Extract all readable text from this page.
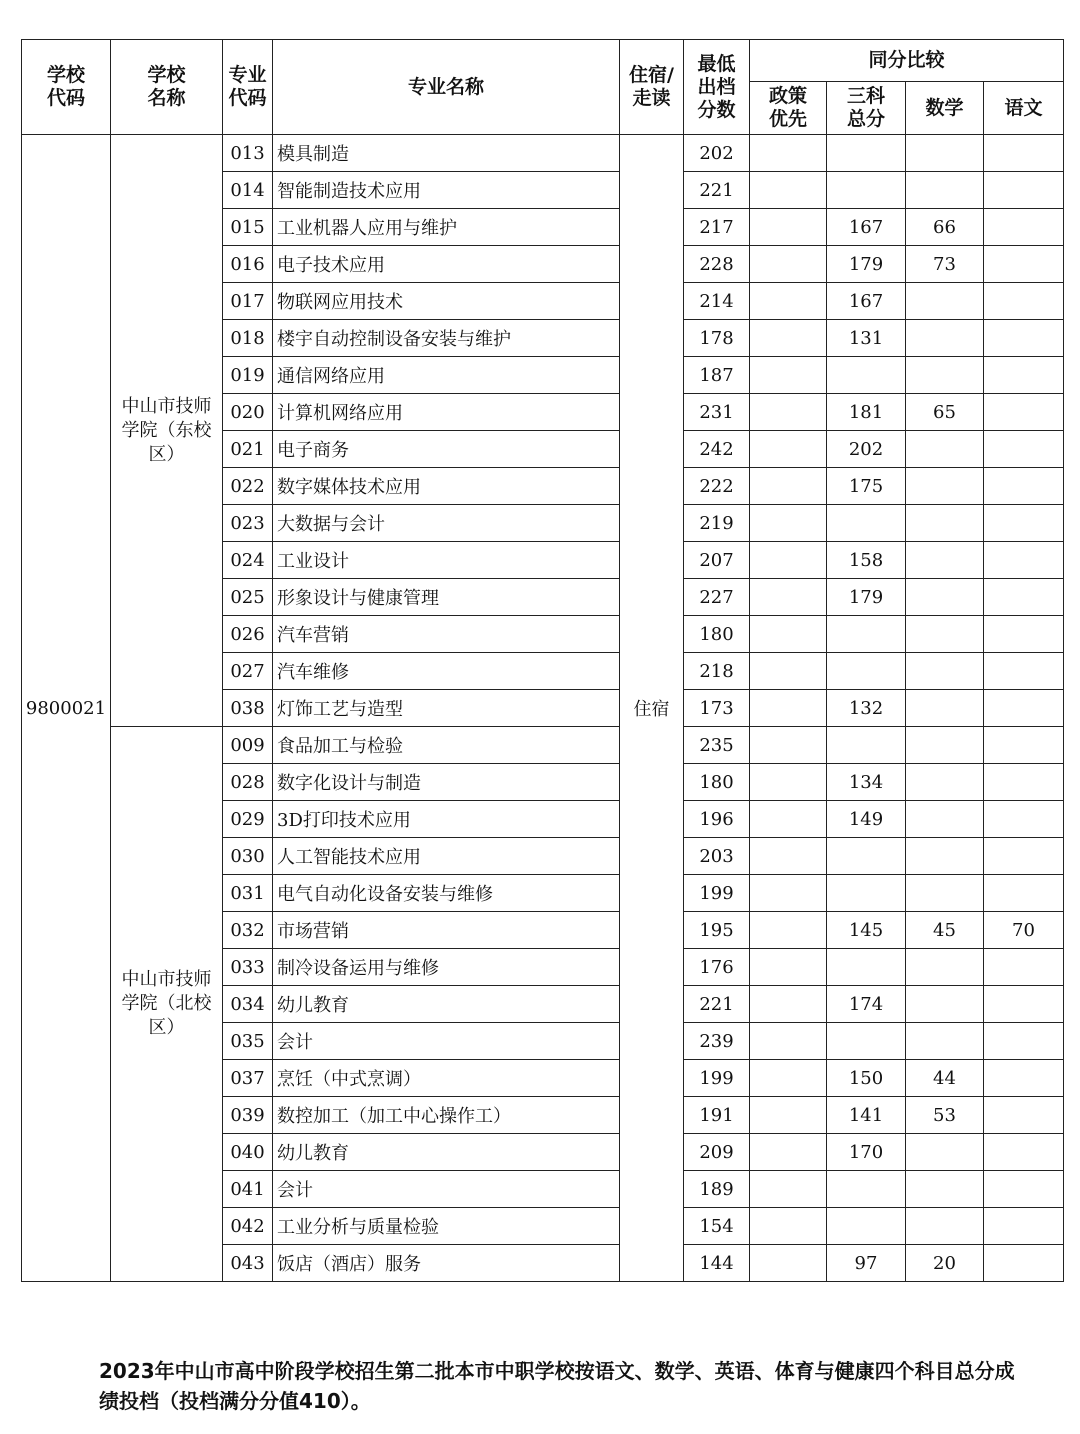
学校代码	学校名称	专业代码	专业名称	住宿/走读	最低出档分数	同分比较			

						政策优先	三科总分	数学	语文
9800021	中山市技师学院（东校区）	013	模具制造	住宿	202				
		014	智能制造技术应用		221				
		015	工业机器人应用与维护		217		167	66	
		016	电子技术应用		228		179	73	
		017	物联网应用技术		214		167		
		018	楼宇自动控制设备安装与维护		178		131		
		019	通信网络应用		187				
		020	计算机网络应用		231		181	65	
		021	电子商务		242		202		
		022	数字媒体技术应用		222		175		
		023	大数据与会计		219				
		024	工业设计		207		158		
		025	形象设计与健康管理		227		179		
		026	汽车营销		180				
		027	汽车维修		218				
		038	灯饰工艺与造型		173		132		

	中山市技师学院（北校区）	009	食品加工与检验		235				
		028	数字化设计与制造		180		134		
		029	3D打印技术应用		196		149		
		030	人工智能技术应用		203				
		031	电气自动化设备安装与维修		199				
		032	市场营销		195		145	45	70
		033	制冷设备运用与维修		176				
		034	幼儿教育		221		174		
		035	会计		239				
		037	烹饪（中式烹调）		199		150	44	
		039	数控加工（加工中心操作工）		191		141	53	
		040	幼儿教育		209		170		
		041	会计		189				
		042	工业分析与质量检验		154				
		043	饭店（酒店）服务		144		97	20	

2023年中山市高中阶段学校招生第二批本市中职学校按语文、数学、英语、体育与健康四个科目总分成绩投档（投档满分分值410）。
